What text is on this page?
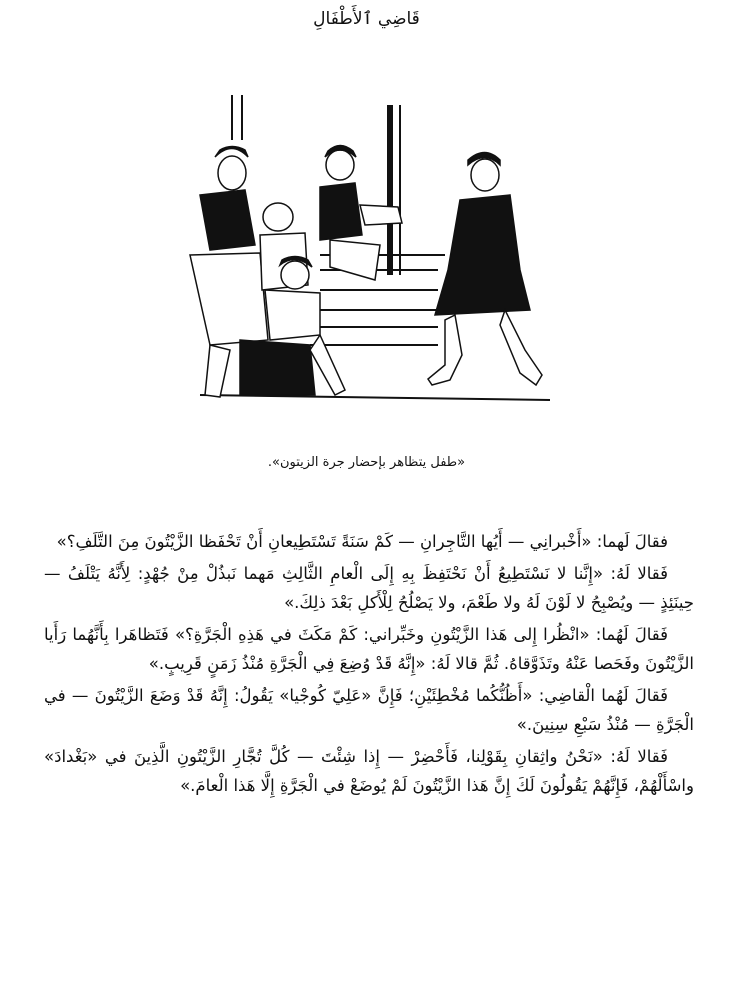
قَاضِي ٱلأَطْفَالِ
«طفل يتظاهر بإحضار جرة الزيتون».

فقالَ لَهما: «أَخْبرانِي — أَيُها التَّاجِرانِ — كَمْ سَنَةً تَسْتَطِيعانِ أَنْ تَحْفَظا الزَّيْتُونَ مِنَ التَّلَفِ؟»

فَقالا لَهُ: «إِنَّنا لا نَسْتَطِيعُ أَنْ نَحْتَفِظَ بِهِ إِلَى الْعامِ الثَّالِثِ مَهما نَبذُلْ مِنْ جُهْدٍ: لِأَنَّهُ يَتْلَفُ — حِينَئِذٍ — ويُصْبِحُ لا لَوْنَ لَهُ ولا طَعْمَ، ولا يَصْلُحُ لِلْأَكلِ بَعْدَ ذلِكَ.»

فَقالَ لَهُما: «انْظُرا إِلى هَذا الزَّيْتُونِ وخَبِّراني: كَمْ مَكَثَ في هَذِهِ الْجَرَّةِ؟» فَتَظاهَرا بِأَنَّهُما رَأَيا الزَّيْتُونَ وفَحَصا عَنْهُ وتَذَوَّقاهُ. ثُمَّ قالا لَهُ: «إِنَّهُ قَدْ وُضِعَ فِي الْجَرَّةِ مُنْذُ زَمَنٍ قَرِيبٍ.»

فَقالَ لَهُما الْقاضِي: «أَظُنُّكُما مُخْطِئَيْنِ؛ فَإِنَّ «عَلِيّ كُوجْيا» يَقُولُ: إِنَّهُ قَدْ وَضَعَ الزَّيْتُونَ — في الْجَرَّةِ — مُنْذُ سَبْعِ سِنِينَ.»

فَقالا لَهُ: «نَحْنُ واثِقانِ بِقَوْلِنا، فَأَحْضِرْ — إِذا شِئْتَ — كُلَّ تُجَّارِ الزَّيْتُونِ الَّذِينَ في «بَغْدادَ» واسْأَلْهُمْ، فَإِنَّهُمْ يَقُولُونَ لَكَ إِنَّ هَذا الزَّيْتُونَ لَمْ يُوضَعْ في الْجَرَّةِ إِلَّا هَذا الْعامَ.»
